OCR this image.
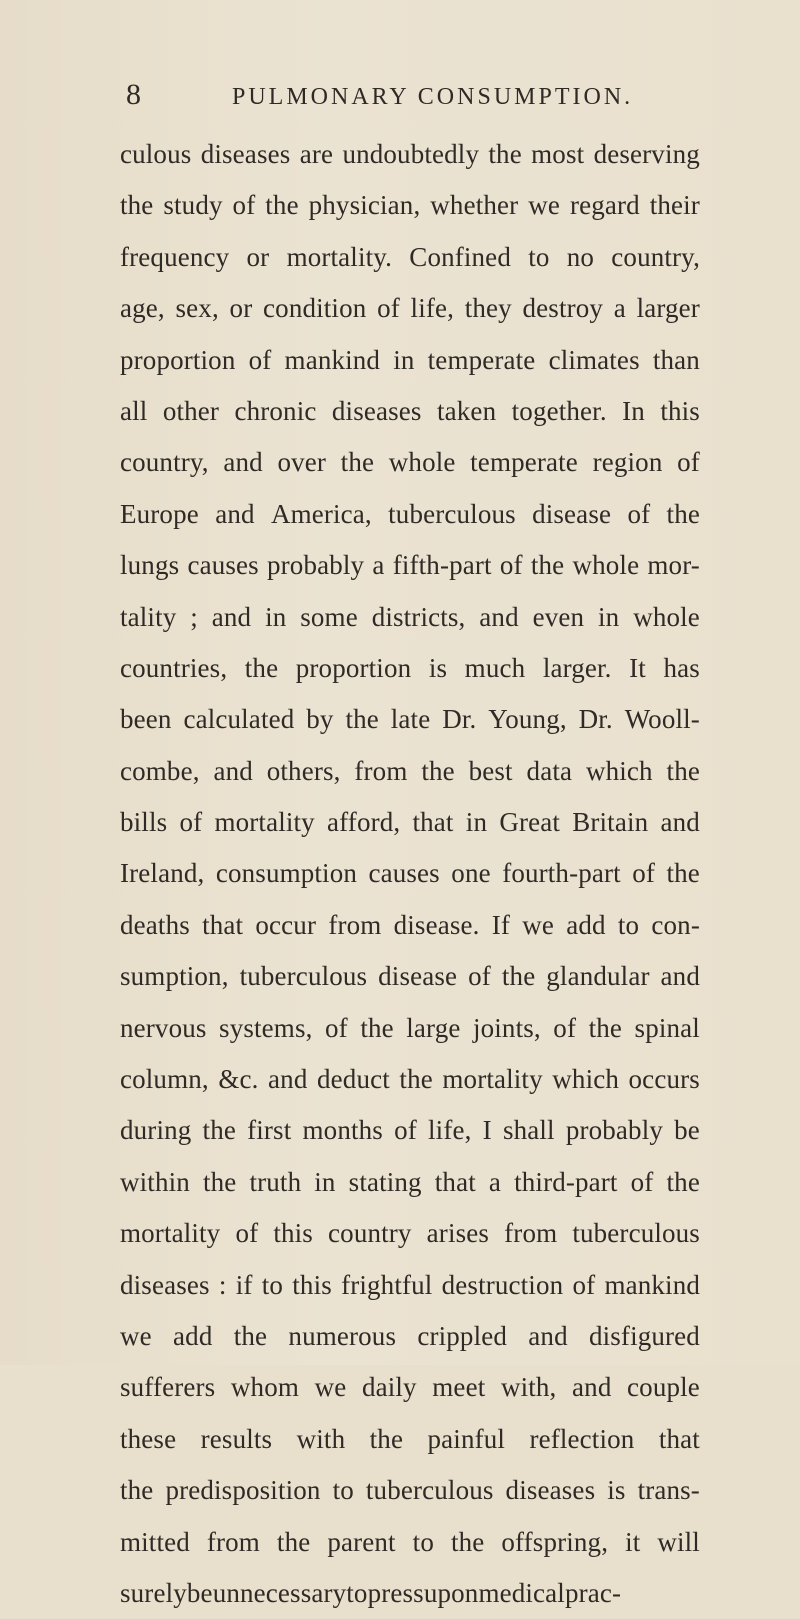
8	PULMONARY CONSUMPTION.
culous diseases are undoubtedly the most deserving
the study of the physician, whether we regard their
frequency or mortality. Confined to no country,
age, sex, or condition of life, they destroy a larger
proportion of mankind in temperate climates than
all other chronic diseases taken together. In this
country, and over the whole temperate region of
Europe and America, tuberculous disease of the
lungs causes probably a fifth-part of the whole mor-
tality ; and in some districts, and even in whole
countries, the proportion is much larger. It has
been calculated by the late Dr. Young, Dr. Wooll-
combe, and others, from the best data which the
bills of mortality afford, that in Great Britain and
Ireland, consumption causes one fourth-part of the
deaths that occur from disease. If we add to con-
sumption, tuberculous disease of the glandular and
nervous systems, of the large joints, of the spinal
column, &c. and deduct the mortality which occurs
during the first months of life, I shall probably be
within the truth in stating that a third-part of the
mortality of this country arises from tuberculous
diseases : if to this frightful destruction of mankind
we add the numerous crippled and disfigured
sufferers whom we daily meet with, and couple
these results with the painful reflection that
the predisposition to tuberculous diseases is trans-
mitted from the parent to the offspring, it will
surely be unnecessary to press upon medical prac-
